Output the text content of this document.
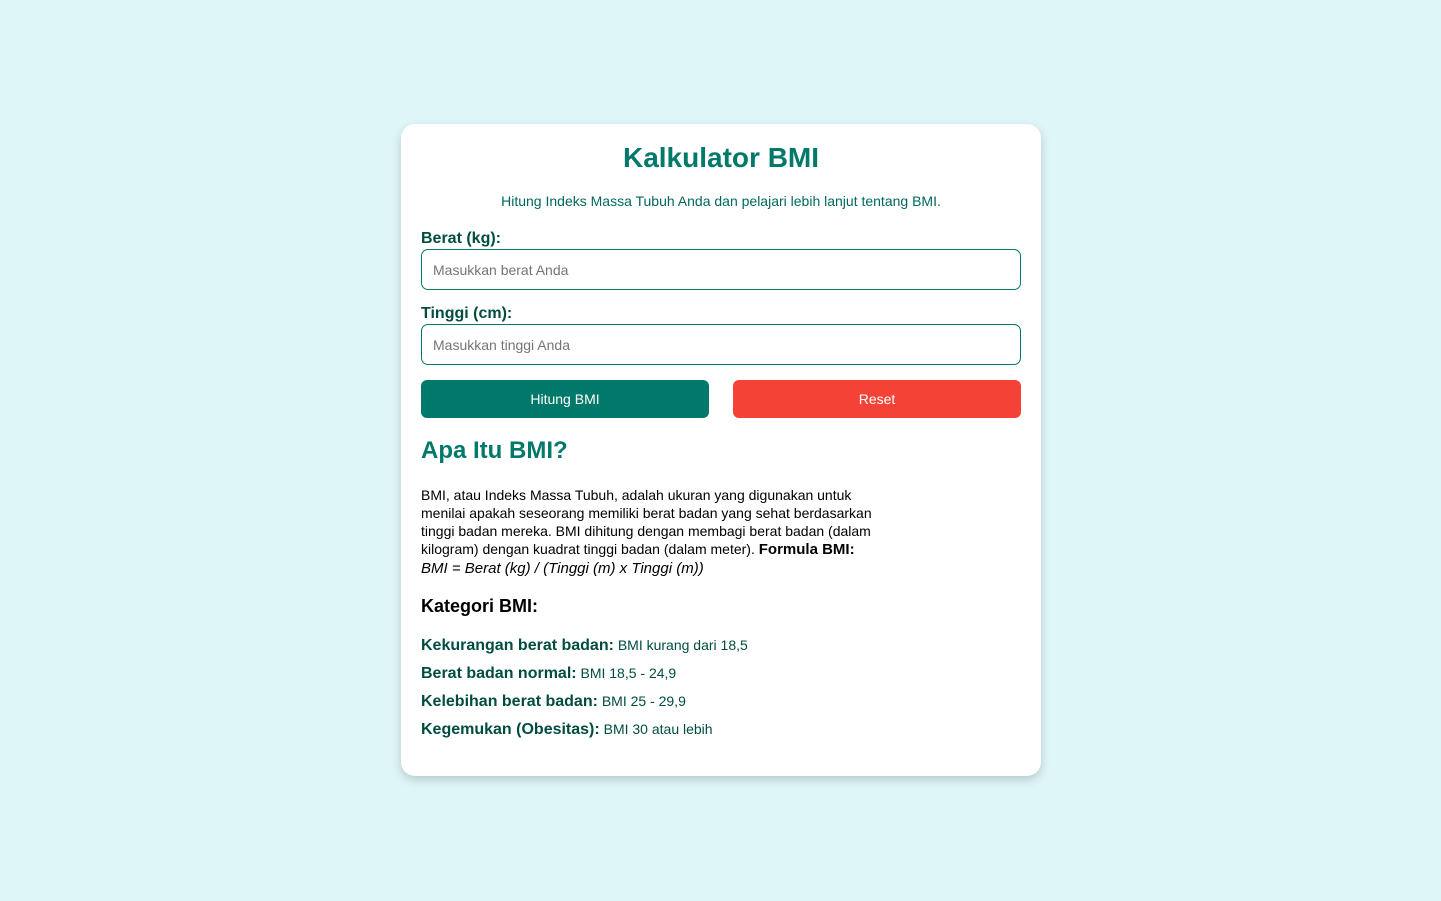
Kalkulator BMI
Hitung Indeks Massa Tubuh Anda dan pelajari lebih lanjut tentang BMI.
Berat (kg):
Masukkan berat Anda
Tinggi (cm):
Masukkan tinggi Anda
Hitung BMI	Reset
Apa Itu BMI?
BMI, atau Indeks Massa Tubuh, adalah ukuran yang digunakan untuk menilai apakah seseorang memiliki berat badan yang sehat berdasarkan tinggi badan mereka. BMI dihitung dengan membagi berat badan (dalam kilogram) dengan kuadrat tinggi badan (dalam meter). Formula BMI:
BMI = Berat (kg) / (Tinggi (m) x Tinggi (m))
Kategori BMI:
Kekurangan berat badan: BMI kurang dari 18,5
Berat badan normal: BMI 18,5 - 24,9
Kelebihan berat badan: BMI 25 - 29,9
Kegemukan (Obesitas): BMI 30 atau lebih
